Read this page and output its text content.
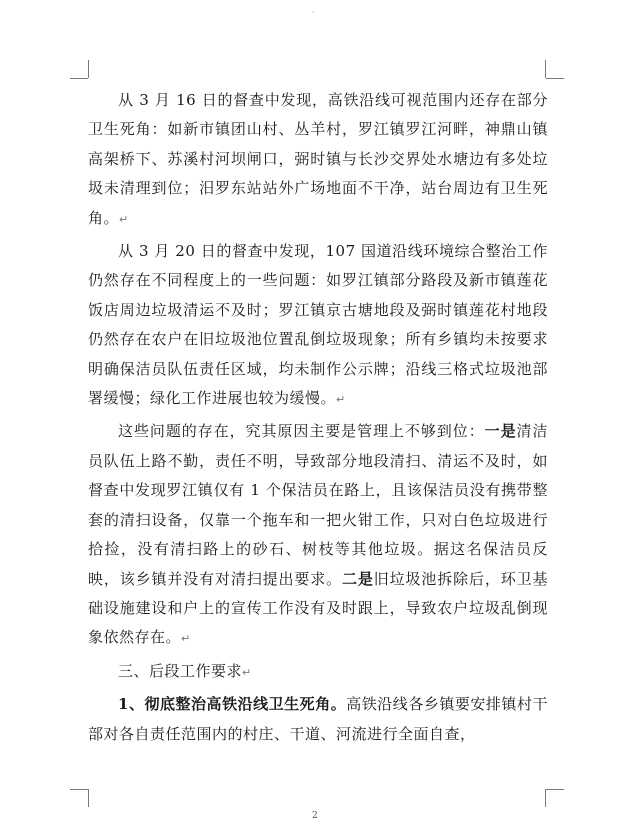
·

从 3 月 16 日的督查中发现，高铁沿线可视范围内还存在部分卫生死角：如新市镇团山村、丛羊村，罗江镇罗江河畔，神鼎山镇高架桥下、苏溪村河坝闸口，弼时镇与长沙交界处水塘边有多处垃圾未清理到位；汨罗东站站外广场地面不干净，站台周边有卫生死角。↵

从 3 月 20 日的督查中发现，107 国道沿线环境综合整治工作仍然存在不同程度上的一些问题：如罗江镇部分路段及新市镇莲花饭店周边垃圾清运不及时；罗江镇京古塘地段及弼时镇莲花村地段仍然存在农户在旧垃圾池位置乱倒垃圾现象；所有乡镇均未按要求明确保洁员队伍责任区域，均未制作公示牌；沿线三格式垃圾池部署缓慢；绿化工作进展也较为缓慢。↵

这些问题的存在，究其原因主要是管理上不够到位：一是清洁员队伍上路不勤，责任不明，导致部分地段清扫、清运不及时，如督查中发现罗江镇仅有 1 个保洁员在路上，且该保洁员没有携带整套的清扫设备，仅靠一个拖车和一把火钳工作，只对白色垃圾进行拾捡，没有清扫路上的砂石、树枝等其他垃圾。据这名保洁员反映，该乡镇并没有对清扫提出要求。二是旧垃圾池拆除后，环卫基础设施建设和户上的宣传工作没有及时跟上，导致农户垃圾乱倒现象依然存在。↵

三、后段工作要求↵

1、彻底整治高铁沿线卫生死角。高铁沿线各乡镇要安排镇村干部对各自责任范围内的村庄、干道、河流进行全面自查，

2
